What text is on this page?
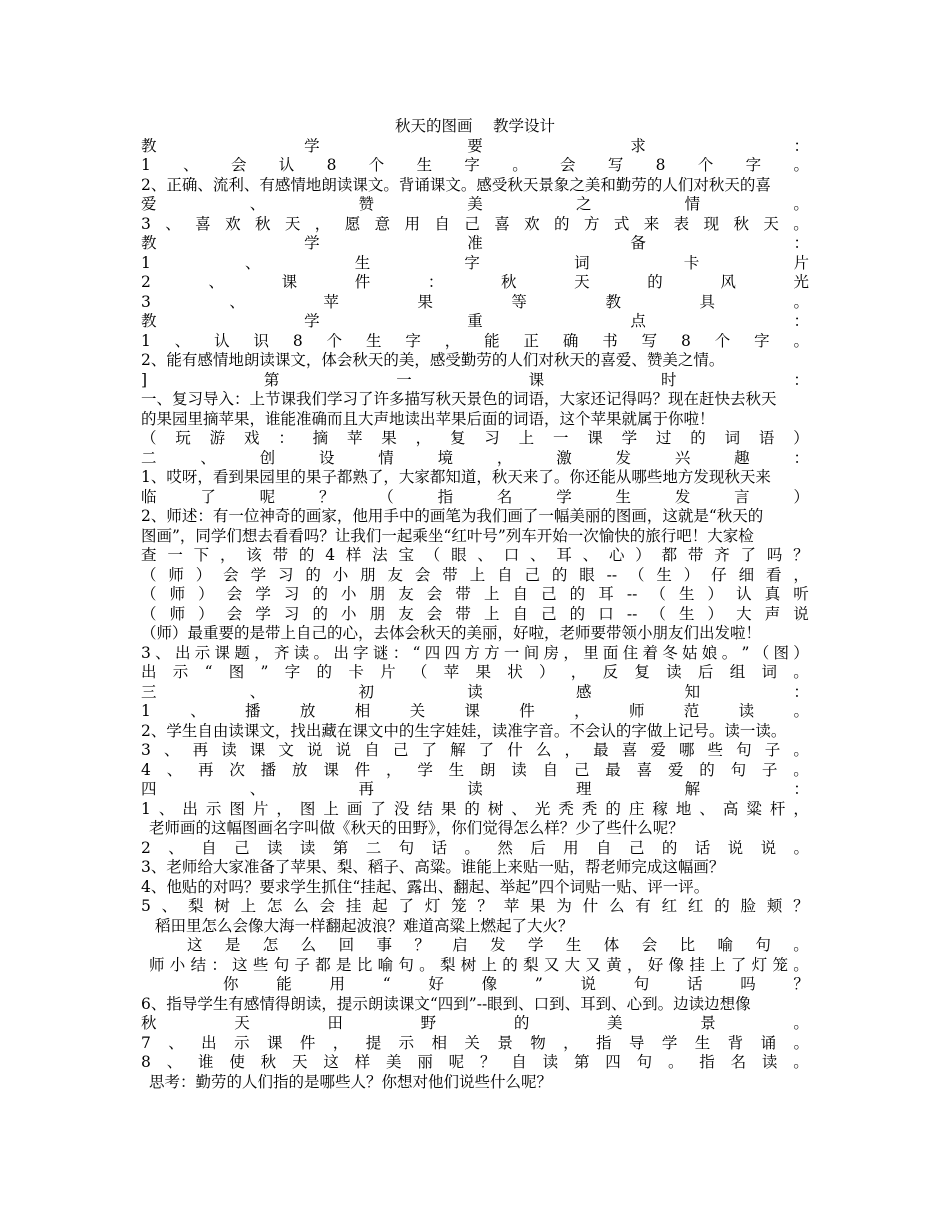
秋天的图画　 教学设计
教	学	要	求	：
1 、 会 认 8 个 生 字 。 会 写 8 个 字 。
2、正确、流利、有感情地朗读课文。背诵课文。感受秋天景象之美和勤劳的人们对秋天的喜
爱	、	赞	美	之	情	。
3 、 喜 欢 秋 天 ， 愿 意 用 自 己 喜 欢 的 方 式 来 表 现 秋 天 。
教	学	准	备	：
1	、	生	字	词	卡	片
2	、	课	件	：	秋	天	的	风	光
3	、	苹	果	等	教	具	。
教	学	重	点	：
1 、 认 识 8 个 生 字 ， 能 正 确 书 写 8 个 字 。
2、能有感情地朗读课文，体会秋天的美，感受勤劳的人们对秋天的喜爱、赞美之情。
]	第	一	课	时	：
一、复习导入：上节课我们学习了许多描写秋天景色的词语，大家还记得吗？现在赶快去秋天
的果园里摘苹果，谁能准确而且大声地读出苹果后面的词语，这个苹果就属于你啦！
（ 玩 游 戏 ： 摘 苹 果 ， 复 习 上 一 课 学 过 的 词 语 ）
二	、	创	设	情	境	，	激	发	兴	趣	：
1、哎呀，看到果园里的果子都熟了，大家都知道，秋天来了。你还能从哪些地方发现秋天来
临	了	呢	？	（	指	名	学	生	发	言	）
2、师述：有一位神奇的画家，他用手中的画笔为我们画了一幅美丽的图画，这就是“秋天的
图画”，同学们想去看看吗？让我们一起乘坐“红叶号”列车开始一次愉快的旅行吧！大家检
查 一 下 ， 该 带 的 4 样 法 宝 （ 眼 、 口 、 耳 、 心 ） 都 带 齐 了 吗 ？
（ 师 ） 会 学 习 的 小 朋 友 会 带 上 自 己 的 眼 -- （ 生 ） 仔 细 看 ，
（ 师 ） 会 学 习 的 小 朋 友 会 带 上 自 己 的 耳 -- （ 生 ） 认 真 听
（ 师 ） 会 学 习 的 小 朋 友 会 带 上 自 己 的 口 -- （ 生 ） 大 声 说
（师）最重要的是带上自己的心，去体会秋天的美丽，好啦，老师要带领小朋友们出发啦！
3 、 出 示 课 题 ， 齐 读 。 出 字 谜 ： “ 四 四 方 方 一 间 房 ， 里 面 住 着 冬 姑 娘 。 ” （ 图 ）
出 示 “ 图 ” 字 的 卡 片 （ 苹 果 状 ） ， 反 复 读 后 组 词 。
三	、	初	读	感	知	：
1	、	播	放	相	关	课	件	，	师	范	读	。
2、学生自由读课文，找出藏在课文中的生字娃娃，读准字音。不会认的字做上记号。读一读。
3 、 再 读 课 文 说 说 自 己 了 解 了 什 么 ， 最 喜 爱 哪 些 句 子 。
4 、 再 次 播 放 课 件 ， 学 生 朗 读 自 己 最 喜 爱 的 句 子 。
四	、	再	读	理	解	：
1 、 出 示 图 片 ， 图 上 画 了 没 结 果 的 树 、 光 秃 秃 的 庄 稼 地 、 高 粱 杆 ，
老师画的这幅图画名字叫做《秋天的田野》，你们觉得怎么样？少了些什么呢？
2 、 自 己 读 读 第 二 句 话 。 然 后 用 自 己 的 话 说 说 。
3、老师给大家准备了苹果、梨、稻子、高粱。谁能上来贴一贴，帮老师完成这幅画？
4、他贴的对吗？要求学生抓住“挂起、露出、翻起、举起”四个词贴一贴、评一评。
5 、 梨 树 上 怎 么 会 挂 起 了 灯 笼 ？ 苹 果 为 什 么 有 红 红 的 脸 颊 ？
稻田里怎么会像大海一样翻起波浪？难道高粱上燃起了大火？
这 是 怎 么 回 事 ？ 启 发 学 生 体 会 比 喻 句 。
师 小 结 ： 这 些 句 子 都 是 比 喻 句 。 梨 树 上 的 梨 又 大 又 黄 ， 好 像 挂 上 了 灯 笼 。
你 能 用 “ 好 像 ” 说 句 话 吗 ？
6、指导学生有感情得朗读，提示朗读课文“四到”--眼到、口到、耳到、心到。边读边想像
秋	天	田	野	的	美	景	。
7 、 出 示 课 件 ， 提 示 相 关 景 物 ， 指 导 学 生 背 诵 。
8 、 谁 使 秋 天 这 样 美 丽 呢 ？ 自 读 第 四 句 。 指 名 读 。
思考：勤劳的人们指的是哪些人？你想对他们说些什么呢？
